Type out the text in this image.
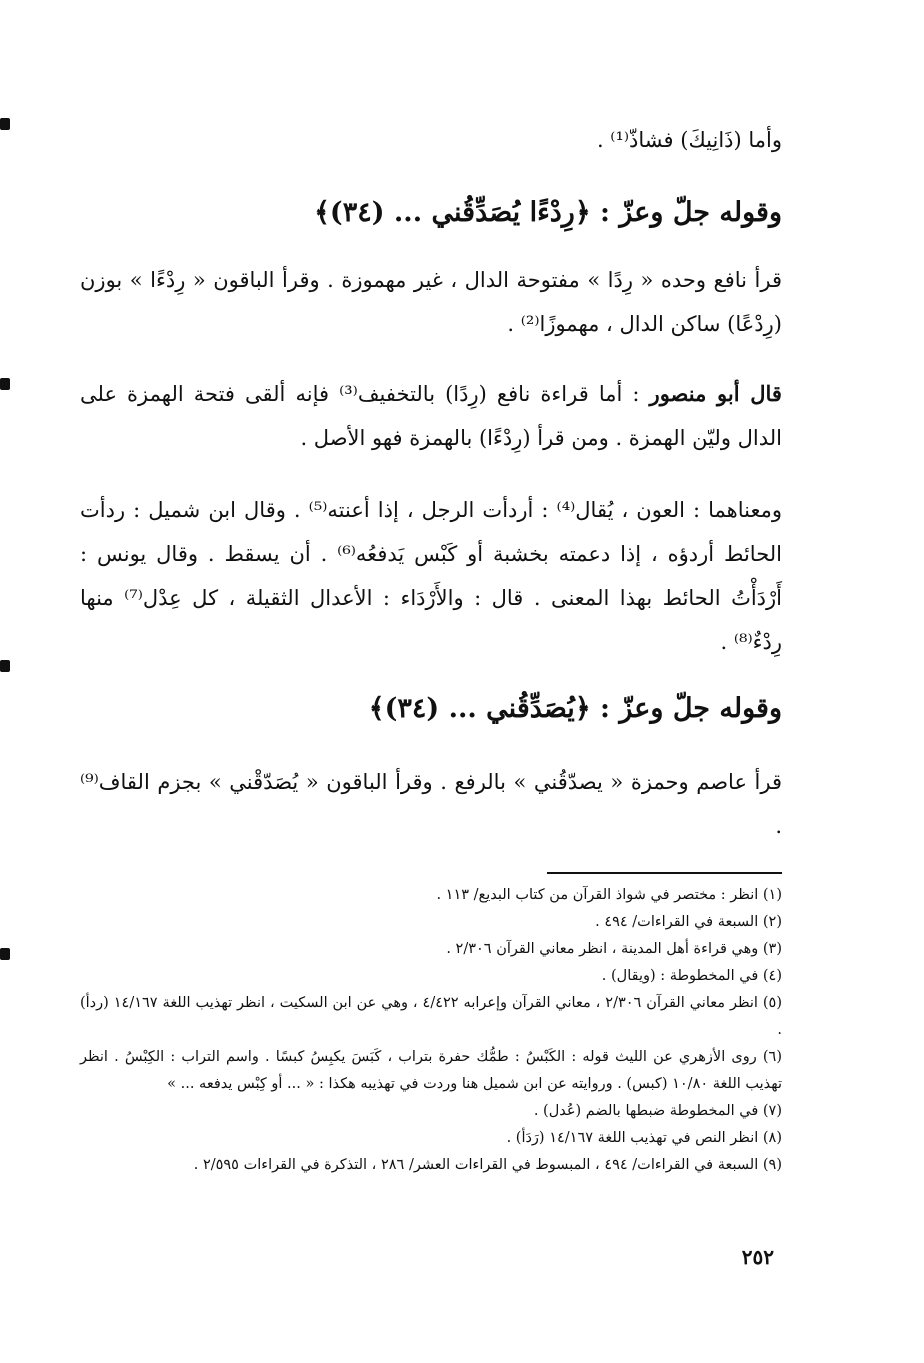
وأما (ذَانِيكَ) فشاذّ⁽¹⁾ .

وقوله جلّ وعزّ : ﴿رِدْءًا يُصَدِّقُني ... (٣٤)﴾

قرأ نافع وحده « رِدًا » مفتوحة الدال ، غير مهموزة . وقرأ الباقون « رِدْءًا » بوزن (رِدْعًا) ساكن الدال ، مهموزًا⁽²⁾ .

قال أبو منصور : أما قراءة نافع (رِدًا) بالتخفيف⁽³⁾ فإنه ألقى فتحة الهمزة على الدال وليّن الهمزة . ومن قرأ (رِدْءًا) بالهمزة فهو الأصل .

ومعناهما : العون ، يُقال⁽⁴⁾ : أردأت الرجل ، إذا أعنته⁽⁵⁾ . وقال ابن شميل : ردأت الحائط أردؤه ، إذا دعمته بخشبة أو كَبْس يَدفعُه⁽⁶⁾ . أن يسقط . وقال يونس : أَرْدَأْتُ الحائط بهذا المعنى . قال : والأَرْدَاء : الأعدال الثقيلة ، كل عِدْل⁽⁷⁾ منها رِدْءٌ⁽⁸⁾ .

وقوله جلّ وعزّ : ﴿يُصَدِّقُني ... (٣٤)﴾

قرأ عاصم وحمزة « يصدّقُني » بالرفع . وقرأ الباقون « يُصَدّقْني » بجزم القاف⁽⁹⁾ .

(١) انظر : مختصر في شواذ القرآن من كتاب البديع/ ١١٣ .

(٢) السبعة في القراءات/ ٤٩٤ .

(٣) وهي قراءة أهل المدينة ، انظر معاني القرآن ٢/٣٠٦ .

(٤) في المخطوطة : (ويقال) .

(٥) انظر معاني القرآن ٢/٣٠٦ ، معاني القرآن وإعرابه ٤/٤٢٢ ، وهي عن ابن السكيت ، انظر تهذيب اللغة ١٤/١٦٧ (ردأ) .

(٦) روى الأزهري عن الليث قوله : الكَبْسُ : طمُّك حفرة بتراب ، كَبَسَ يكبِسُ كبسًا . واسم التراب : الكِبْسُ . انظر تهذيب اللغة ١٠/٨٠ (كبس) . وروايته عن ابن شميل هنا وردت في تهذيبه هكذا : « ... أو كِبْس يدفعه ... »

(٧) في المخطوطة ضبطها بالضم (عُدل) .

(٨) انظر النص في تهذيب اللغة ١٤/١٦٧ (رَدَأ) .

(٩) السبعة في القراءات/ ٤٩٤ ، المبسوط في القراءات العشر/ ٢٨٦ ، التذكرة في القراءات ٢/٥٩٥ .

٢٥٢
